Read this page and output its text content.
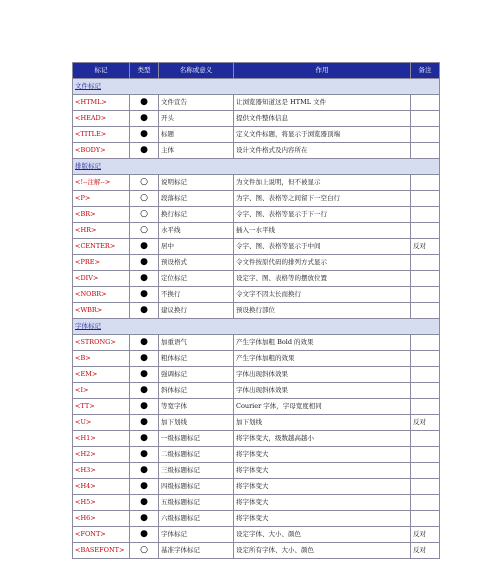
标记	类型	名称或意义	作用	备注
文件标记				
<HTML>	●	文件宣告	让浏览器知道这是 HTML 文件	
<HEAD>	●	开头	提供文件整体信息	
<TITLE>	●	标题	定义文件标题，将显示于浏览器顶端	
<BODY>	●	主体	设计文件格式及内容所在	
排版标记				
<!--注解-->	○	说明标记	为文件加上说明，但不被显示	
<P>	○	段落标记	为字、图、表格等之间留下一空白行	
<BR>	○	换行标记	令字、图、表格等显示于下一行	
<HR>	○	水平线	插入一水平线	
<CENTER>	●	居中	令字、图、表格等显示于中间	反对
<PRE>	●	预设格式	令文件按原代码的排列方式显示	
<DIV>	●	定位标记	设定字、图、表格等的摆放位置	
<NOBR>	●	不换行	令文字不因太长而换行	
<WBR>	●	建议换行	预设换行部位	
字体标记				
<STRONG>	●	加重语气	产生字体加粗 Bold 的效果	
<B>	●	粗体标记	产生字体加粗的效果	
<EM>	●	强调标记	字体出现斜体效果	
<I>	●	斜体标记	字体出现斜体效果	
<TT>	●	等宽字体	Courier 字体，字母宽度相同	
<U>	●	加下划线	加下划线	反对
<H1>	●	一级标题标记	将字体变大，级数越高越小	
<H2>	●	二级标题标记	将字体变大	
<H3>	●	三级标题标记	将字体变大	
<H4>	●	四级标题标记	将字体变大	
<H5>	●	五级标题标记	将字体变大	
<H6>	●	六级标题标记	将字体变大	
<FONT>	●	字体标记	设定字体、大小、颜色	反对
<BASEFONT>	○	基准字体标记	设定所有字体、大小、颜色	反对
